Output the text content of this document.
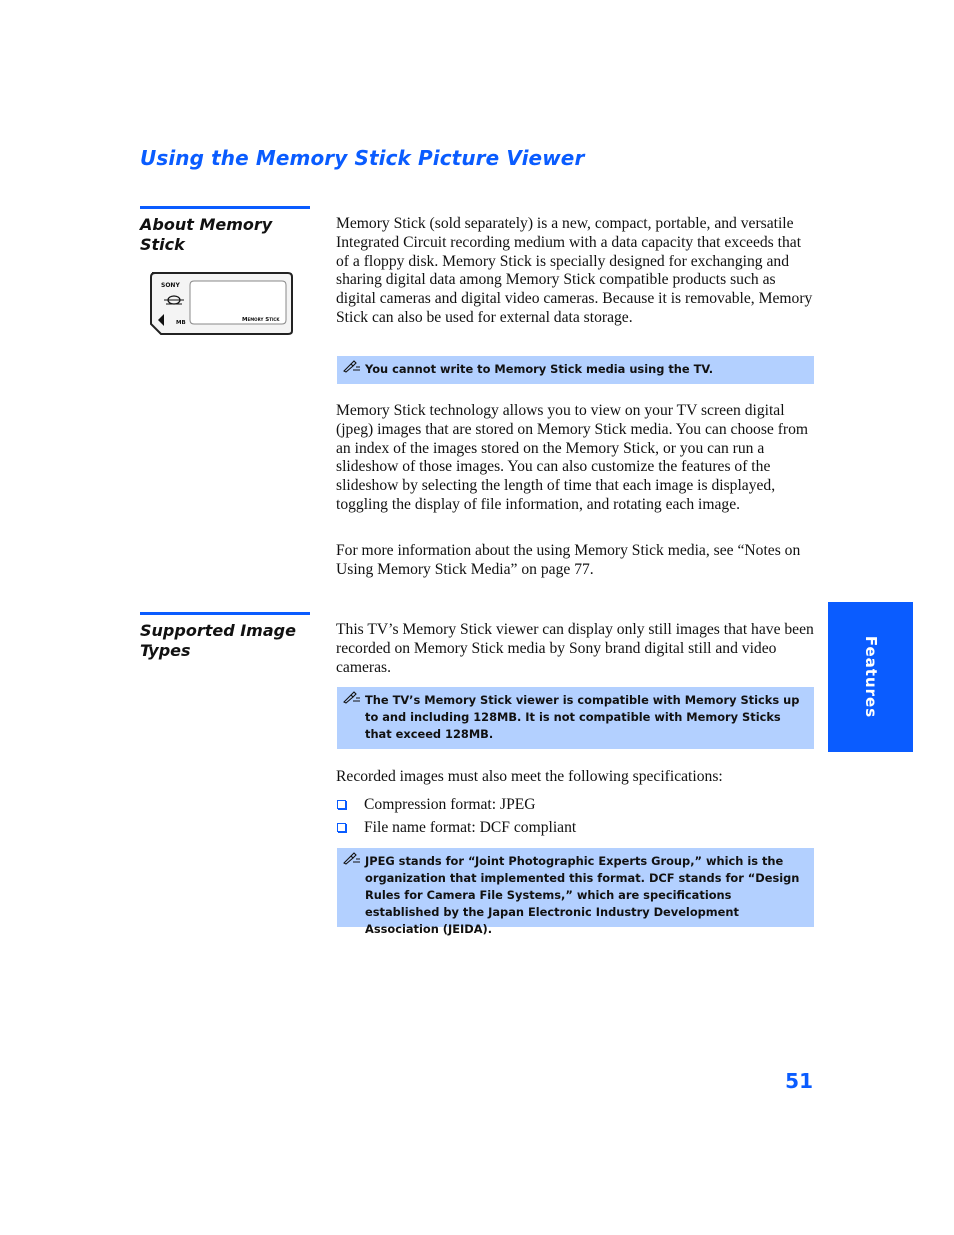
Using the Memory Stick Picture Viewer
About Memory Stick
SONY
MB	Memory Stick

Memory Stick (sold separately) is a new, compact, portable, and versatile Integrated Circuit recording medium with a data capacity that exceeds that of a floppy disk. Memory Stick is specially designed for exchanging and sharing digital data among Memory Stick compatible products such as digital cameras and digital video cameras. Because it is removable, Memory Stick can also be used for external data storage.

You cannot write to Memory Stick media using the TV.

Memory Stick technology allows you to view on your TV screen digital (jpeg) images that are stored on Memory Stick media. You can choose from an index of the images stored on the Memory Stick, or you can run a slideshow of those images. You can also customize the features of the slideshow by selecting the length of time that each image is displayed, toggling the display of file information, and rotating each image.

For more information about the using Memory Stick media, see “Notes on Using Memory Stick Media” on page 77.

Supported Image Types

This TV’s Memory Stick viewer can display only still images that have been recorded on Memory Stick media by Sony brand digital still and video cameras.

The TV’s Memory Stick viewer is compatible with Memory Sticks up to and including 128MB. It is not compatible with Memory Sticks that exceed 128MB.

Recorded images must also meet the following specifications:

Compression format: JPEG
File name format: DCF compliant
JPEG stands for “Joint Photographic Experts Group,” which is the organization that implemented this format. DCF stands for “Design Rules for Camera File Systems,” which are specifications established by the Japan Electronic Industry Development Association (JEIDA).
Features
51
